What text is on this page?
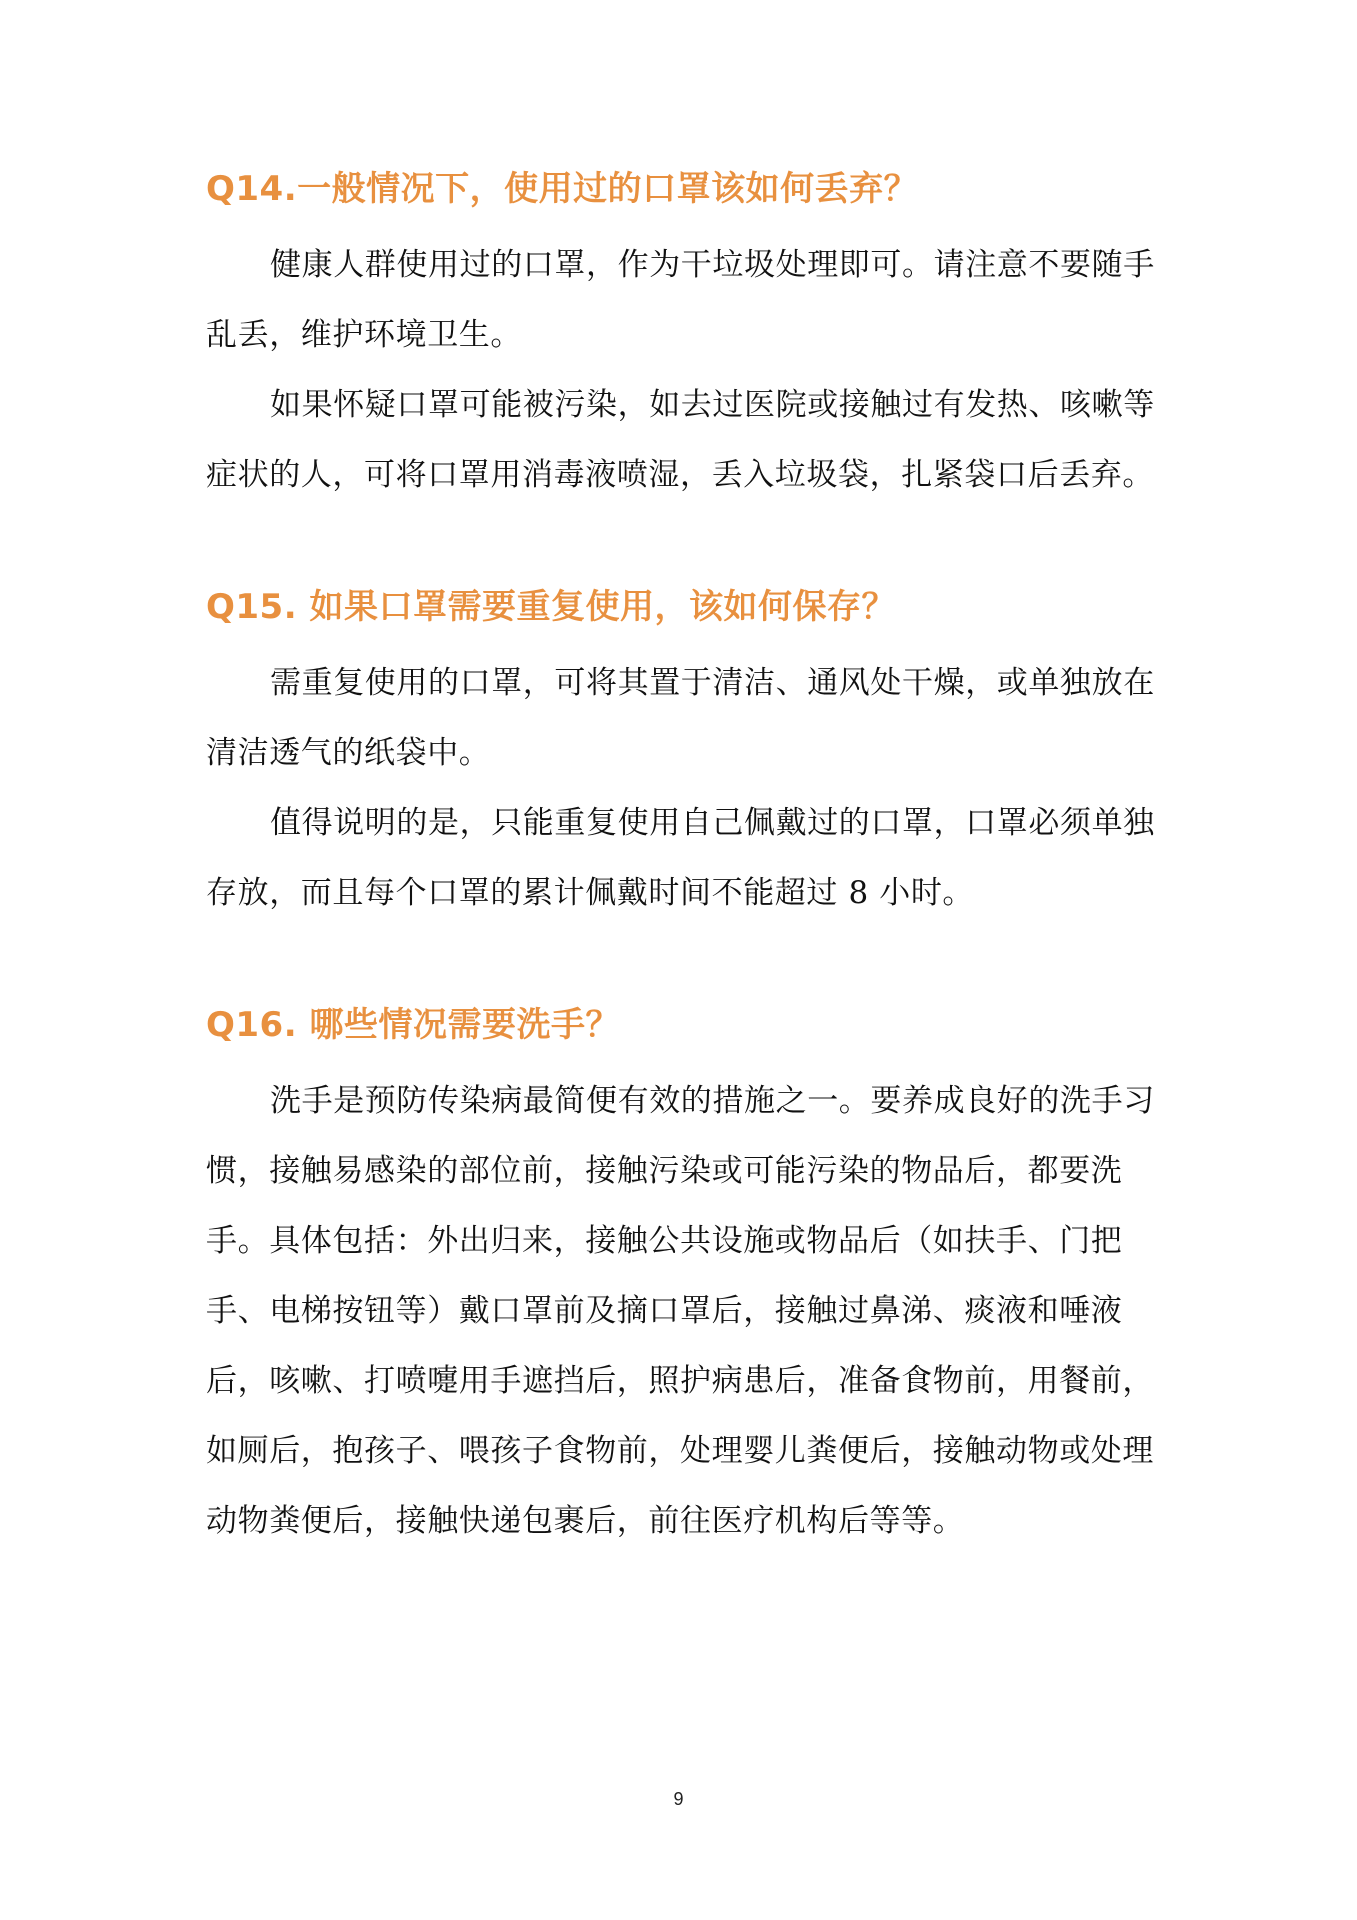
Q14.一般情况下，使用过的口罩该如何丢弃？

健康人群使用过的口罩，作为干垃圾处理即可。请注意不要随手乱丢，维护环境卫生。

如果怀疑口罩可能被污染，如去过医院或接触过有发热、咳嗽等症状的人，可将口罩用消毒液喷湿，丢入垃圾袋，扎紧袋口后丢弃。

Q15. 如果口罩需要重复使用，该如何保存？

需重复使用的口罩，可将其置于清洁、通风处干燥，或单独放在清洁透气的纸袋中。

值得说明的是，只能重复使用自己佩戴过的口罩，口罩必须单独存放，而且每个口罩的累计佩戴时间不能超过 8 小时。

Q16. 哪些情况需要洗手？

洗手是预防传染病最简便有效的措施之一。要养成良好的洗手习惯，接触易感染的部位前，接触污染或可能污染的物品后，都要洗手。具体包括：外出归来，接触公共设施或物品后（如扶手、门把手、电梯按钮等）戴口罩前及摘口罩后，接触过鼻涕、痰液和唾液后，咳嗽、打喷嚏用手遮挡后，照护病患后，准备食物前，用餐前，如厕后，抱孩子、喂孩子食物前，处理婴儿粪便后，接触动物或处理动物粪便后，接触快递包裹后，前往医疗机构后等等。

9
